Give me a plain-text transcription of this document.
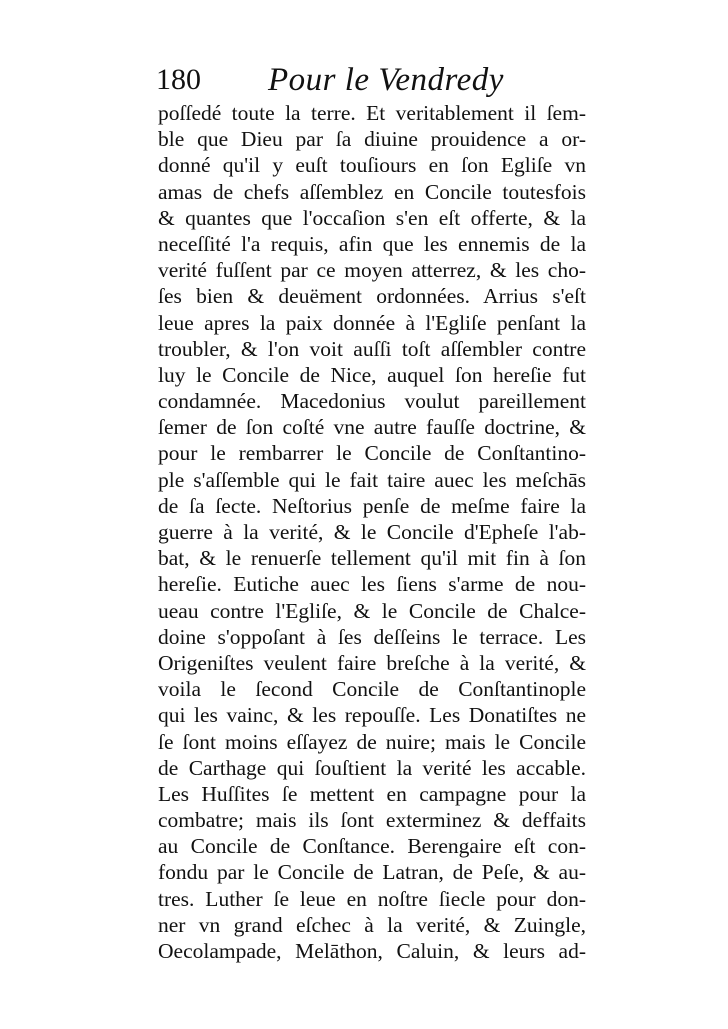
180 Pour le Vendredy
poſſedé toute la terre. Et veritablement il ſem-
ble que Dieu par ſa diuine prouidence a or-
donné qu'il y euſt touſiours en ſon Egliſe vn
amas de chefs aſſemblez en Concile toutesfois
& quantes que l'occaſion s'en eſt offerte, & la
neceſſité l'a requis, afin que les ennemis de la
verité fuſſent par ce moyen atterrez, & les cho-
ſes bien & deuëment ordonnées. Arrius s'eſt
leue apres la paix donnée à l'Egliſe penſant la
troubler, & l'on voit auſſi toſt aſſembler contre
luy le Concile de Nice, auquel ſon hereſie fut
condamnée. Macedonius voulut pareillement
ſemer de ſon coſté vne autre fauſſe doctrine, &
pour le rembarrer le Concile de Conſtantino-
ple s'aſſemble qui le fait taire auec les meſchās
de ſa ſecte. Neſtorius penſe de meſme faire la
guerre à la verité, & le Concile d'Epheſe l'ab-
bat, & le renuerſe tellement qu'il mit fin à ſon
hereſie. Eutiche auec les ſiens s'arme de nou-
ueau contre l'Egliſe, & le Concile de Chalce-
doine s'oppoſant à ſes deſſeins le terrace. Les
Origeniſtes veulent faire breſche à la verité, &
voila le ſecond Concile de Conſtantinople
qui les vainc, & les repouſſe. Les Donatiſtes ne
ſe ſont moins eſſayez de nuire; mais le Concile
de Carthage qui ſouſtient la verité les accable.
Les Huſſites ſe mettent en campagne pour la
combatre; mais ils ſont exterminez & deffaits
au Concile de Conſtance. Berengaire eſt con-
fondu par le Concile de Latran, de Peſe, & au-
tres. Luther ſe leue en noſtre ſiecle pour don-
ner vn grand eſchec à la verité, & Zuingle,
Oecolampade, Melāthon, Caluin, & leurs ad-
